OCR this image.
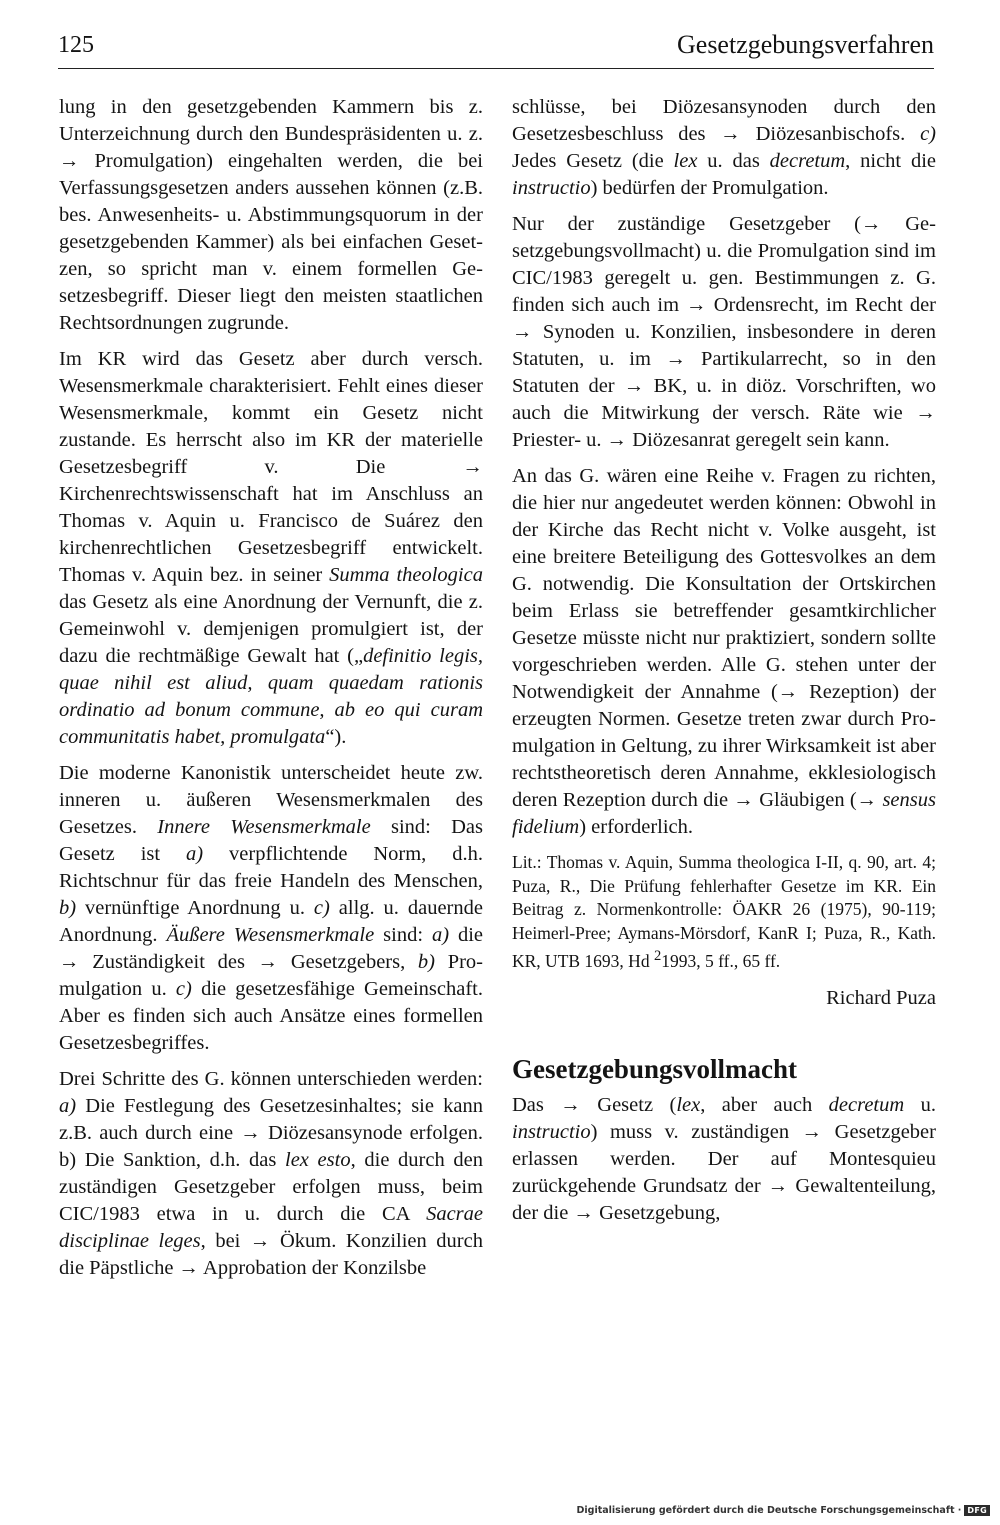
125	Gesetzgebungsverfahren

lung in den gesetzgebenden Kammern bis z. Unterzeichnung durch den Bundespräsidenten u. z. → Promulgation) eingehalten werden, die bei Verfassungsgesetzen anders aussehen können (z.B. bes. Anwesenheits- u. Abstimmungsquorum in der gesetzgebenden Kammer) als bei einfachen Gesetzen, so spricht man v. einem formellen Gesetzesbegriff. Dieser liegt den meisten staatlichen Rechtsordnungen zugrunde.

Im KR wird das Gesetz aber durch versch. Wesensmerkmale charakterisiert. Fehlt eines dieser Wesensmerkmale, kommt ein Gesetz nicht zustande. Es herrscht also im KR der materielle Gesetzesbegriff v. Die → Kirchenrechtswissenschaft hat im Anschluss an Thomas v. Aquin u. Francisco de Suárez den kirchenrechtlichen Gesetzesbegriff entwickelt. Thomas v. Aquin bez. in seiner Summa theologica das Gesetz als eine Anordnung der Vernunft, die z. Gemeinwohl v. demjenigen promulgiert ist, der dazu die rechtmäßige Gewalt hat („definitio legis, quae nihil est aliud, quam quaedam rationis ordinatio ad bonum commune, ab eo qui curam communitatis habet, promulgata“).

Die moderne Kanonistik unterscheidet heute zw. inneren u. äußeren Wesensmerkmalen des Gesetzes. Innere Wesensmerkmale sind: Das Gesetz ist a) verpflichtende Norm, d.h. Richtschnur für das freie Handeln des Menschen, b) vernünftige Anordnung u. c) allg. u. dauernde Anordnung. Äußere Wesensmerkmale sind: a) die → Zuständigkeit des → Gesetzgebers, b) Promulgation u. c) die gesetzesfähige Gemeinschaft. Aber es finden sich auch Ansätze eines formellen Gesetzesbegriffes.

Drei Schritte des G. können unterschieden werden: a) Die Festlegung des Gesetzesinhaltes; sie kann z.B. auch durch eine → Diözesansynode erfolgen. b) Die Sanktion, d.h. das lex esto, die durch den zuständigen Gesetzgeber erfolgen muss, beim CIC/1983 etwa in u. durch die CA Sacrae disciplinae leges, bei → Ökum. Konzilien durch die Päpstliche → Approbation der Konzilsbe

schlüsse, bei Diözesansynoden durch den Gesetzesbeschluss des → Diözesanbischofs. c) Jedes Gesetz (die lex u. das decretum, nicht die instructio) bedürfen der Promulgation.

Nur der zuständige Gesetzgeber (→ Gesetzgebungsvollmacht) u. die Promulgation sind im CIC/1983 geregelt u. gen. Bestimmungen z. G. finden sich auch im → Ordensrecht, im Recht der → Synoden u. Konzilien, insbesondere in deren Statuten, u. im → Partikularrecht, so in den Statuten der → BK, u. in diöz. Vorschriften, wo auch die Mitwirkung der versch. Räte wie → Priester- u. → Diözesanrat geregelt sein kann.

An das G. wären eine Reihe v. Fragen zu richten, die hier nur angedeutet werden können: Obwohl in der Kirche das Recht nicht v. Volke ausgeht, ist eine breitere Beteiligung des Gottesvolkes an dem G. notwendig. Die Konsultation der Ortskirchen beim Erlass sie betreffender gesamtkirchlicher Gesetze müsste nicht nur praktiziert, sondern sollte vorgeschrieben werden. Alle G. stehen unter der Notwendigkeit der Annahme (→ Rezeption) der erzeugten Normen. Gesetze treten zwar durch Promulgation in Geltung, zu ihrer Wirksamkeit ist aber rechtstheoretisch deren Annahme, ekklesiologisch deren Rezeption durch die → Gläubigen (→ sensus fidelium) erforderlich.

Lit.: Thomas v. Aquin, Summa theologica I-II, q. 90, art. 4; Puza, R., Die Prüfung fehlerhafter Gesetze im KR. Ein Beitrag z. Normenkontrolle: ÖAKR 26 (1975), 90-119; Heimerl-Pree; Aymans-Mörsdorf, KanR I; Puza, R., Kath. KR, UTB 1693, Hd $^2$1993, 5 ff., 65 ff.

Richard Puza
Gesetzgebungsvollmacht

Das → Gesetz (lex, aber auch decretum u. instructio) muss v. zuständigen → Gesetzgeber erlassen werden. Der auf Montesquieu zurückgehende Grundsatz der → Gewaltenteilung, der die → Gesetzgebung,

Digitalisierung gefördert durch die Deutsche Forschungsgemeinschaft · DFG
